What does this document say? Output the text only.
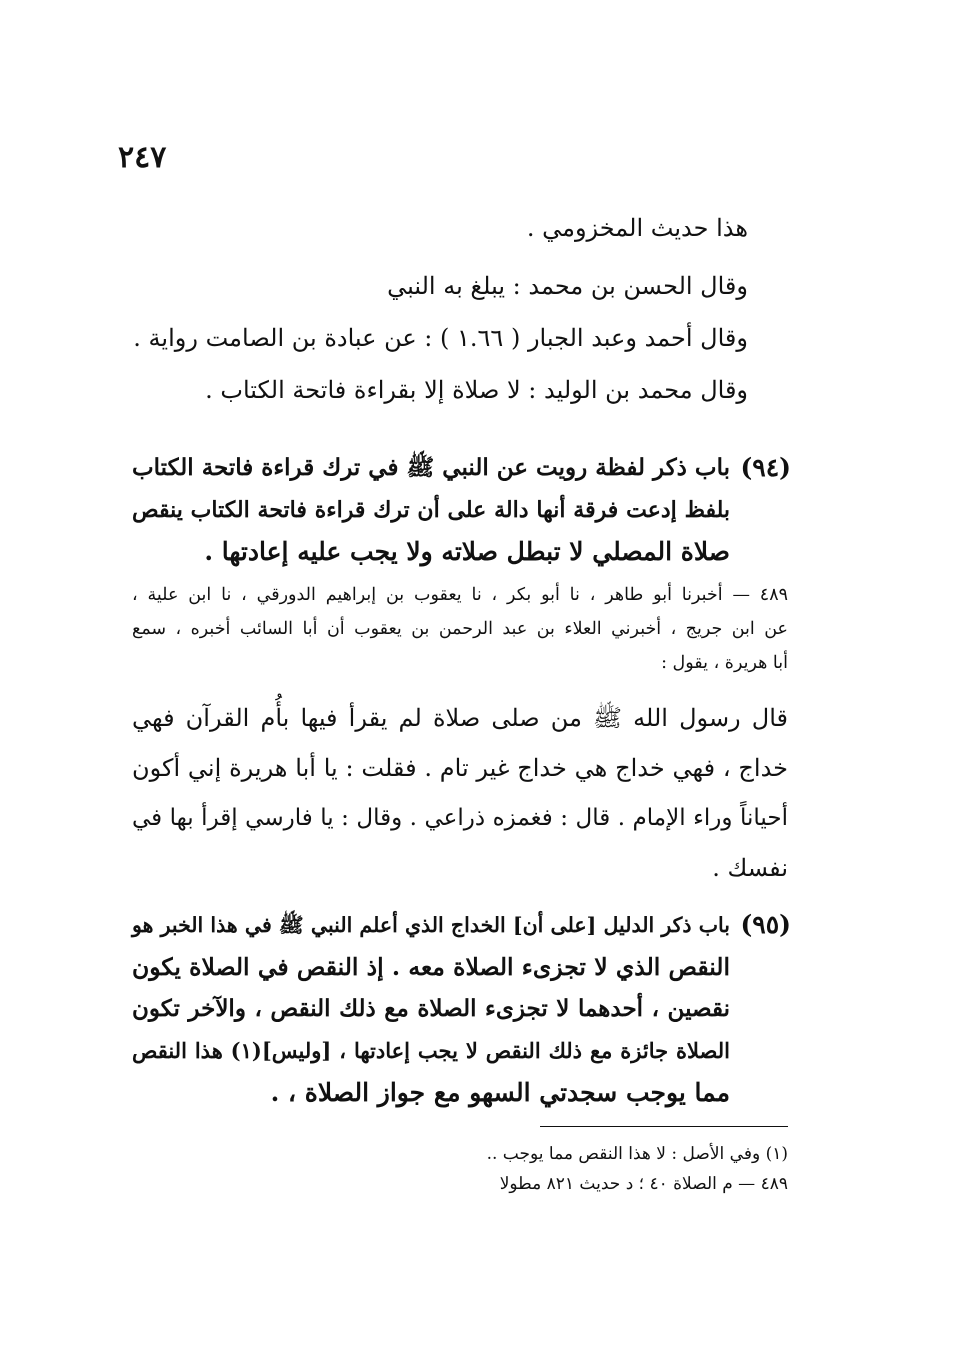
٢٤٧
هذا حديث المخزومي .
وقال الحسن بن محمد : يبلغ به النبي
وقال أحمد وعبد الجبار ( ١.٦٦ ) : عن عبادة بن الصامت رواية .
وقال محمد بن الوليد : لا صلاة إلا بقراءة فاتحة الكتاب .
(٩٤)
باب ذكر لفظة رويت عن النبي ﷺ في ترك قراءة فاتحة الكتاب
بلفظ إدعت فرقة أنها دالة على أن ترك قراءة فاتحة الكتاب ينقص
صلاة المصلي لا تبطل صلاته ولا يجب عليه إعادتها .
٤٨٩ — أخبرنا أبو طاهر ، نا أبو بكر ، نا يعقوب بن إبراهيم الدورقي ، نا ابن علية ،
عن ابن جريج ، أخبرني العلاء بن عبد الرحمن بن يعقوب أن أبا السائب أخبره ، سمع
أبا هريرة ، يقول :
قال رسول الله ﷺ من صلى صلاة لم يقرأ فيها بأُم القرآن فهي
خداج ، فهي خداج هي خداج غير تام . فقلت : يا أبا هريرة إني أكون
أحياناً وراء الإمام . قال : فغمزه ذراعي . وقال : يا فارسي إقرأ بها في
نفسك .
(٩٥)
باب ذكر الدليل [على أن] الخداج الذي أعلم النبي ﷺ في هذا الخبر هو
النقص الذي لا تجزىء الصلاة معه . إذ النقص في الصلاة يكون
نقصين ، أحدهما لا تجزىء الصلاة مع ذلك النقص ، والآخر تكون
الصلاة جائزة مع ذلك النقص لا يجب إعادتها ، [وليس](١) هذا النقص
مما يوجب سجدتي السهو مع جواز الصلاة ، .
(١) وفي الأصل : لا هذا النقص مما يوجب ..
٤٨٩ — م الصلاة ٤٠ ؛ د حديث ٨٢١ مطولا
